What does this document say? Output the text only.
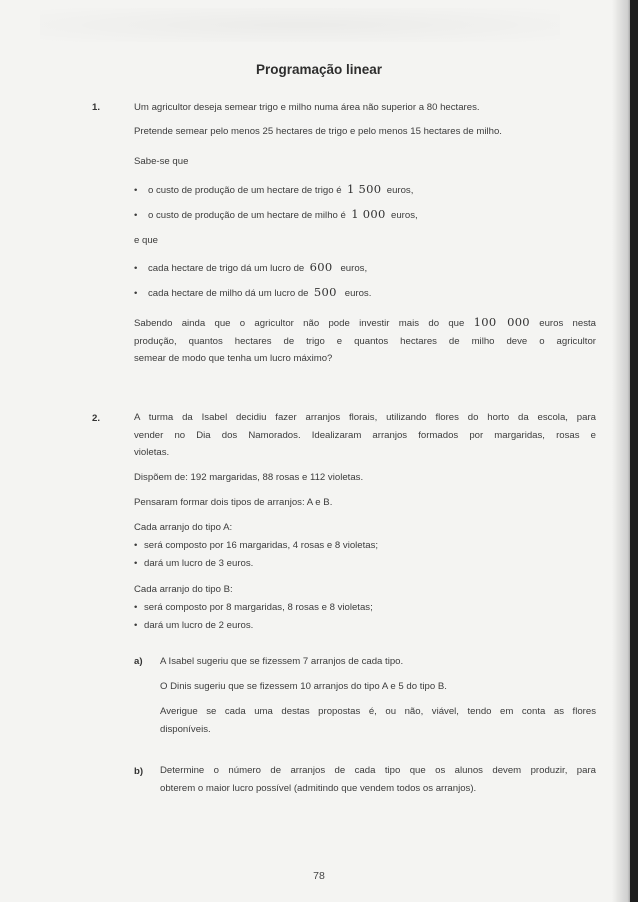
Programação linear
1.	Um agricultor deseja semear trigo e milho numa área não superior a 80 hectares.
Pretende semear pelo menos 25 hectares de trigo e pelo menos 15 hectares de milho.
Sabe-se que
• o custo de produção de um hectare de trigo é 1 500 euros,
• o custo de produção de um hectare de milho é 1 000 euros,
e que
• cada hectare de trigo dá um lucro de 600 euros,
• cada hectare de milho dá um lucro de 500 euros.
Sabendo ainda que o agricultor não pode investir mais do que 100 000 euros nesta
produção, quantos hectares de trigo e quantos hectares de milho deve o agricultor
semear de modo que tenha um lucro máximo?
2.	A turma da Isabel decidiu fazer arranjos florais, utilizando flores do horto da escola, para
vender no Dia dos Namorados. Idealizaram arranjos formados por margaridas, rosas e
violetas.
Dispõem de: 192 margaridas, 88 rosas e 112 violetas.
Pensaram formar dois tipos de arranjos: A e B.
Cada arranjo do tipo A:
• será composto por 16 margaridas, 4 rosas e 8 violetas;
• dará um lucro de 3 euros.
Cada arranjo do tipo B:
• será composto por 8 margaridas, 8 rosas e 8 violetas;
• dará um lucro de 2 euros.
a) A Isabel sugeriu que se fizessem 7 arranjos de cada tipo.
O Dinis sugeriu que se fizessem 10 arranjos do tipo A e 5 do tipo B.
Averigue se cada uma destas propostas é, ou não, viável, tendo em conta as flores
disponíveis.
b) Determine o número de arranjos de cada tipo que os alunos devem produzir, para
obterem o maior lucro possível (admitindo que vendem todos os arranjos).
78
